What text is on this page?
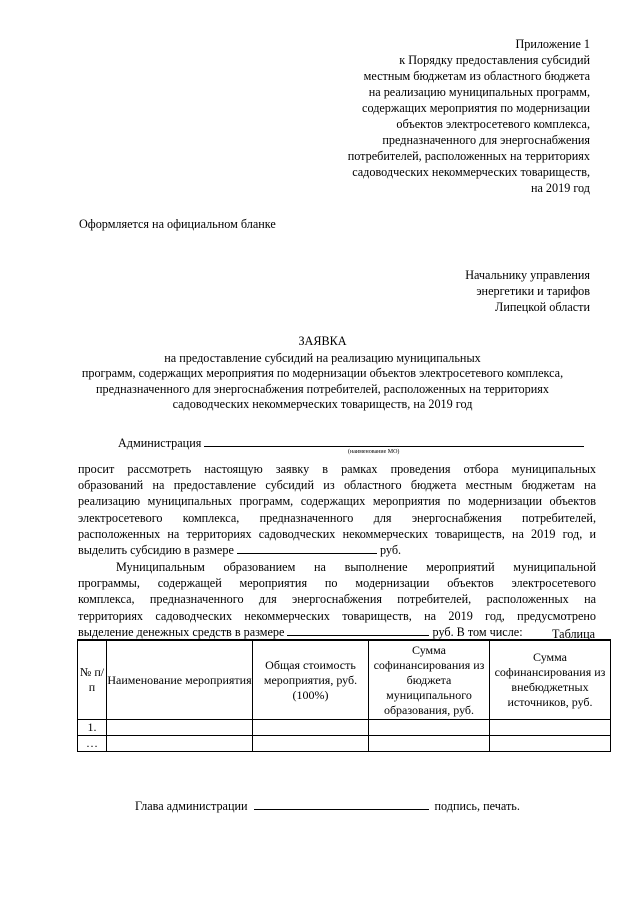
Приложение 1
к Порядку предоставления субсидий
местным бюджетам из областного бюджета
на реализацию муниципальных программ,
содержащих мероприятия по модернизации
объектов электросетевого комплекса,
предназначенного для энергоснабжения
потребителей, расположенных на территориях
садоводческих некоммерческих товариществ,
на 2019 год
Оформляется на официальном бланке
Начальнику управления
энергетики и тарифов
Липецкой области
ЗАЯВКА
на предоставление субсидий на реализацию муниципальных
программ, содержащих мероприятия по модернизации объектов электросетевого комплекса,
предназначенного для энергоснабжения потребителей, расположенных на территориях
садоводческих некоммерческих товариществ, на 2019 год
Администрация
(наименование МО)
просит рассмотреть настоящую заявку в рамках проведения отбора муниципальных
образований на предоставление субсидий из областного бюджета местным бюджетам на
реализацию муниципальных программ, содержащих мероприятия по модернизации объектов
электросетевого комплекса, предназначенного для энергоснабжения потребителей,
расположенных на территориях садоводческих некоммерческих товариществ, на 2019 год, и
выделить субсидию в размере	руб.
Муниципальным образованием на выполнение мероприятий муниципальной
программы, содержащей мероприятия по модернизации объектов электросетевого
комплекса, предназначенного для энергоснабжения потребителей, расположенных на
территориях садоводческих некоммерческих товариществ, на 2019 год, предусмотрено
выделение денежных средств в размере	руб. В том числе:	Таблица
№ п/п	Наименование мероприятия	Общая стоимость мероприятия, руб. (100%)	Сумма софинансирования из бюджета муниципального образования, руб.	Сумма софинансирования из внебюджетных источников, руб.
1.				
…				
Глава администрации	подпись, печать.
